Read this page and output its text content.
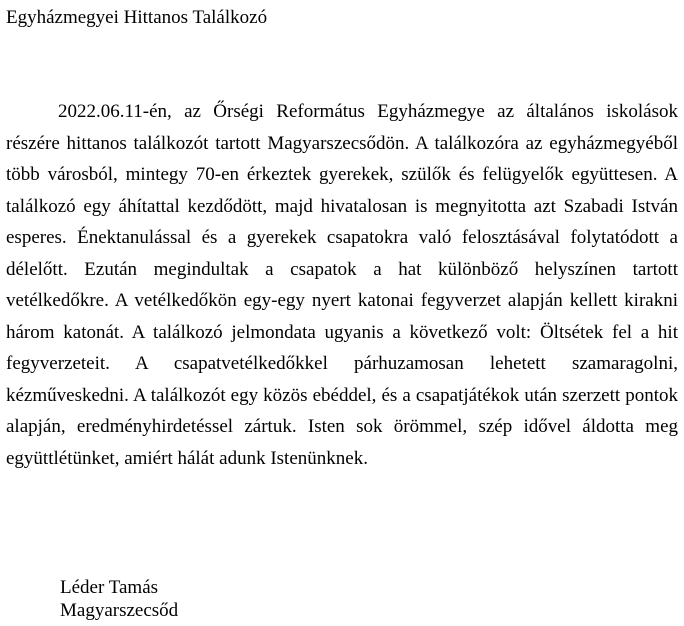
Egyházmegyei Hittanos Találkozó

2022.06.11-én, az Őrségi Református Egyházmegye az általános iskolások részére hittanos találkozót tartott Magyarszecsődön. A találkozóra az egyházmegyéből több városból, mintegy 70-en érkeztek gyerekek, szülők és felügyelők együttesen. A találkozó egy áhítattal kezdődött, majd hivatalosan is megnyitotta azt Szabadi István esperes. Énektanulással és a gyerekek csapatokra való felosztásával folytatódott a délelőtt. Ezután megindultak a csapatok a hat különböző helyszínen tartott vetélkedőkre. A vetélkedőkön egy-egy nyert katonai fegyverzet alapján kellett kirakni három katonát. A találkozó jelmondata ugyanis a következő volt: Öltsétek fel a hit fegyverzeteit. A csapatvetélkedőkkel párhuzamosan lehetett szamaragolni, kézműveskedni. A találkozót egy közös ebéddel, és a csapatjátékok után szerzett pontok alapján, eredményhirdetéssel zártuk. Isten sok örömmel, szép idővel áldotta meg együttlétünket, amiért hálát adunk Istenünknek.

Léder Tamás
Magyarszecsőd
